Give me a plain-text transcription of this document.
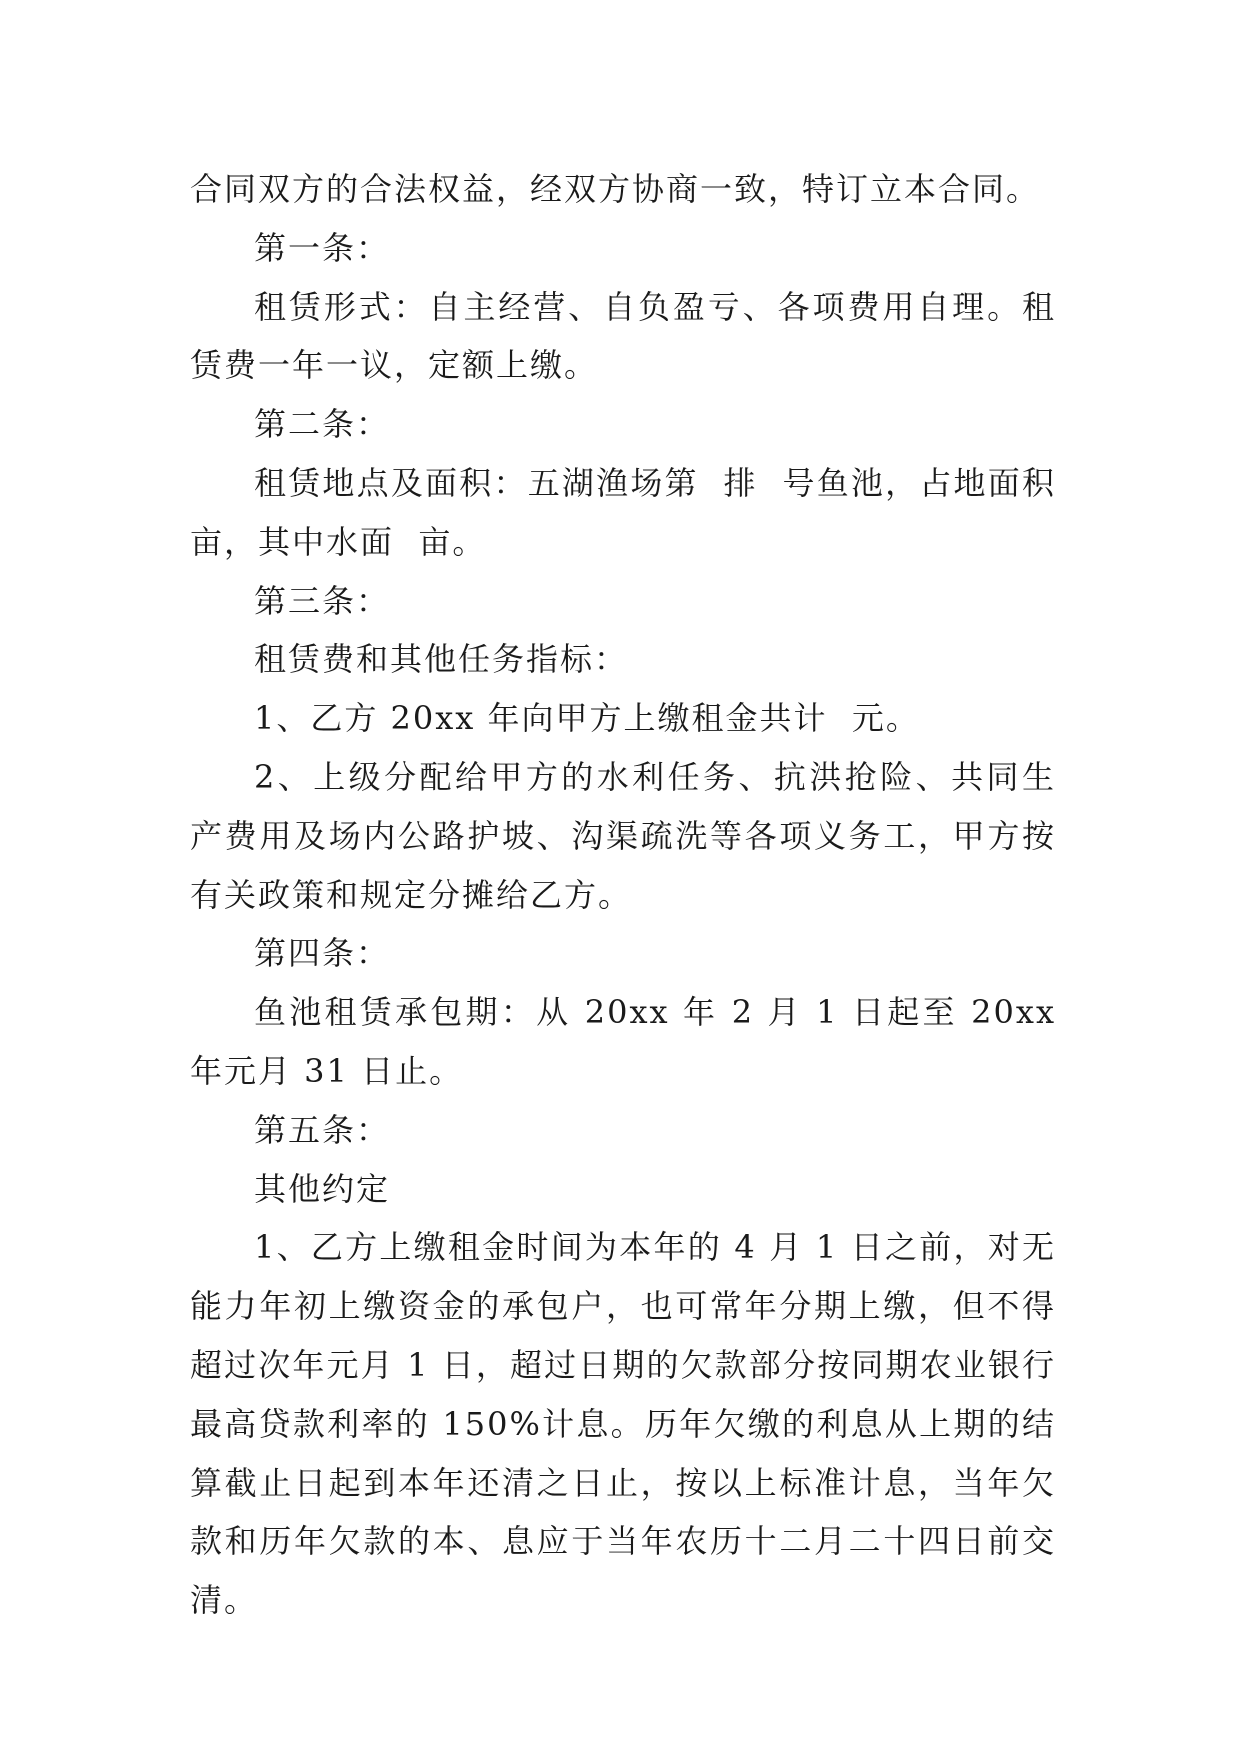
合同双方的合法权益，经双方协商一致，特订立本合同。

第一条：

租赁形式：自主经营、自负盈亏、各项费用自理。租赁费一年一议，定额上缴。

第二条：

租赁地点及面积：五湖渔场第  排  号鱼池，占地面积  亩，其中水面  亩。

第三条：

租赁费和其他任务指标：

1、乙方 20xx 年向甲方上缴租金共计  元。

2、上级分配给甲方的水利任务、抗洪抢险、共同生产费用及场内公路护坡、沟渠疏洗等各项义务工，甲方按有关政策和规定分摊给乙方。

第四条：

鱼池租赁承包期：从 20xx 年 2 月 1 日起至 20xx 年元月 31 日止。

第五条：

其他约定

1、乙方上缴租金时间为本年的 4 月 1 日之前，对无能力年初上缴资金的承包户，也可常年分期上缴，但不得超过次年元月 1 日，超过日期的欠款部分按同期农业银行最高贷款利率的 150%计息。历年欠缴的利息从上期的结算截止日起到本年还清之日止，按以上标准计息，当年欠款和历年欠款的本、息应于当年农历十二月二十四日前交清。
